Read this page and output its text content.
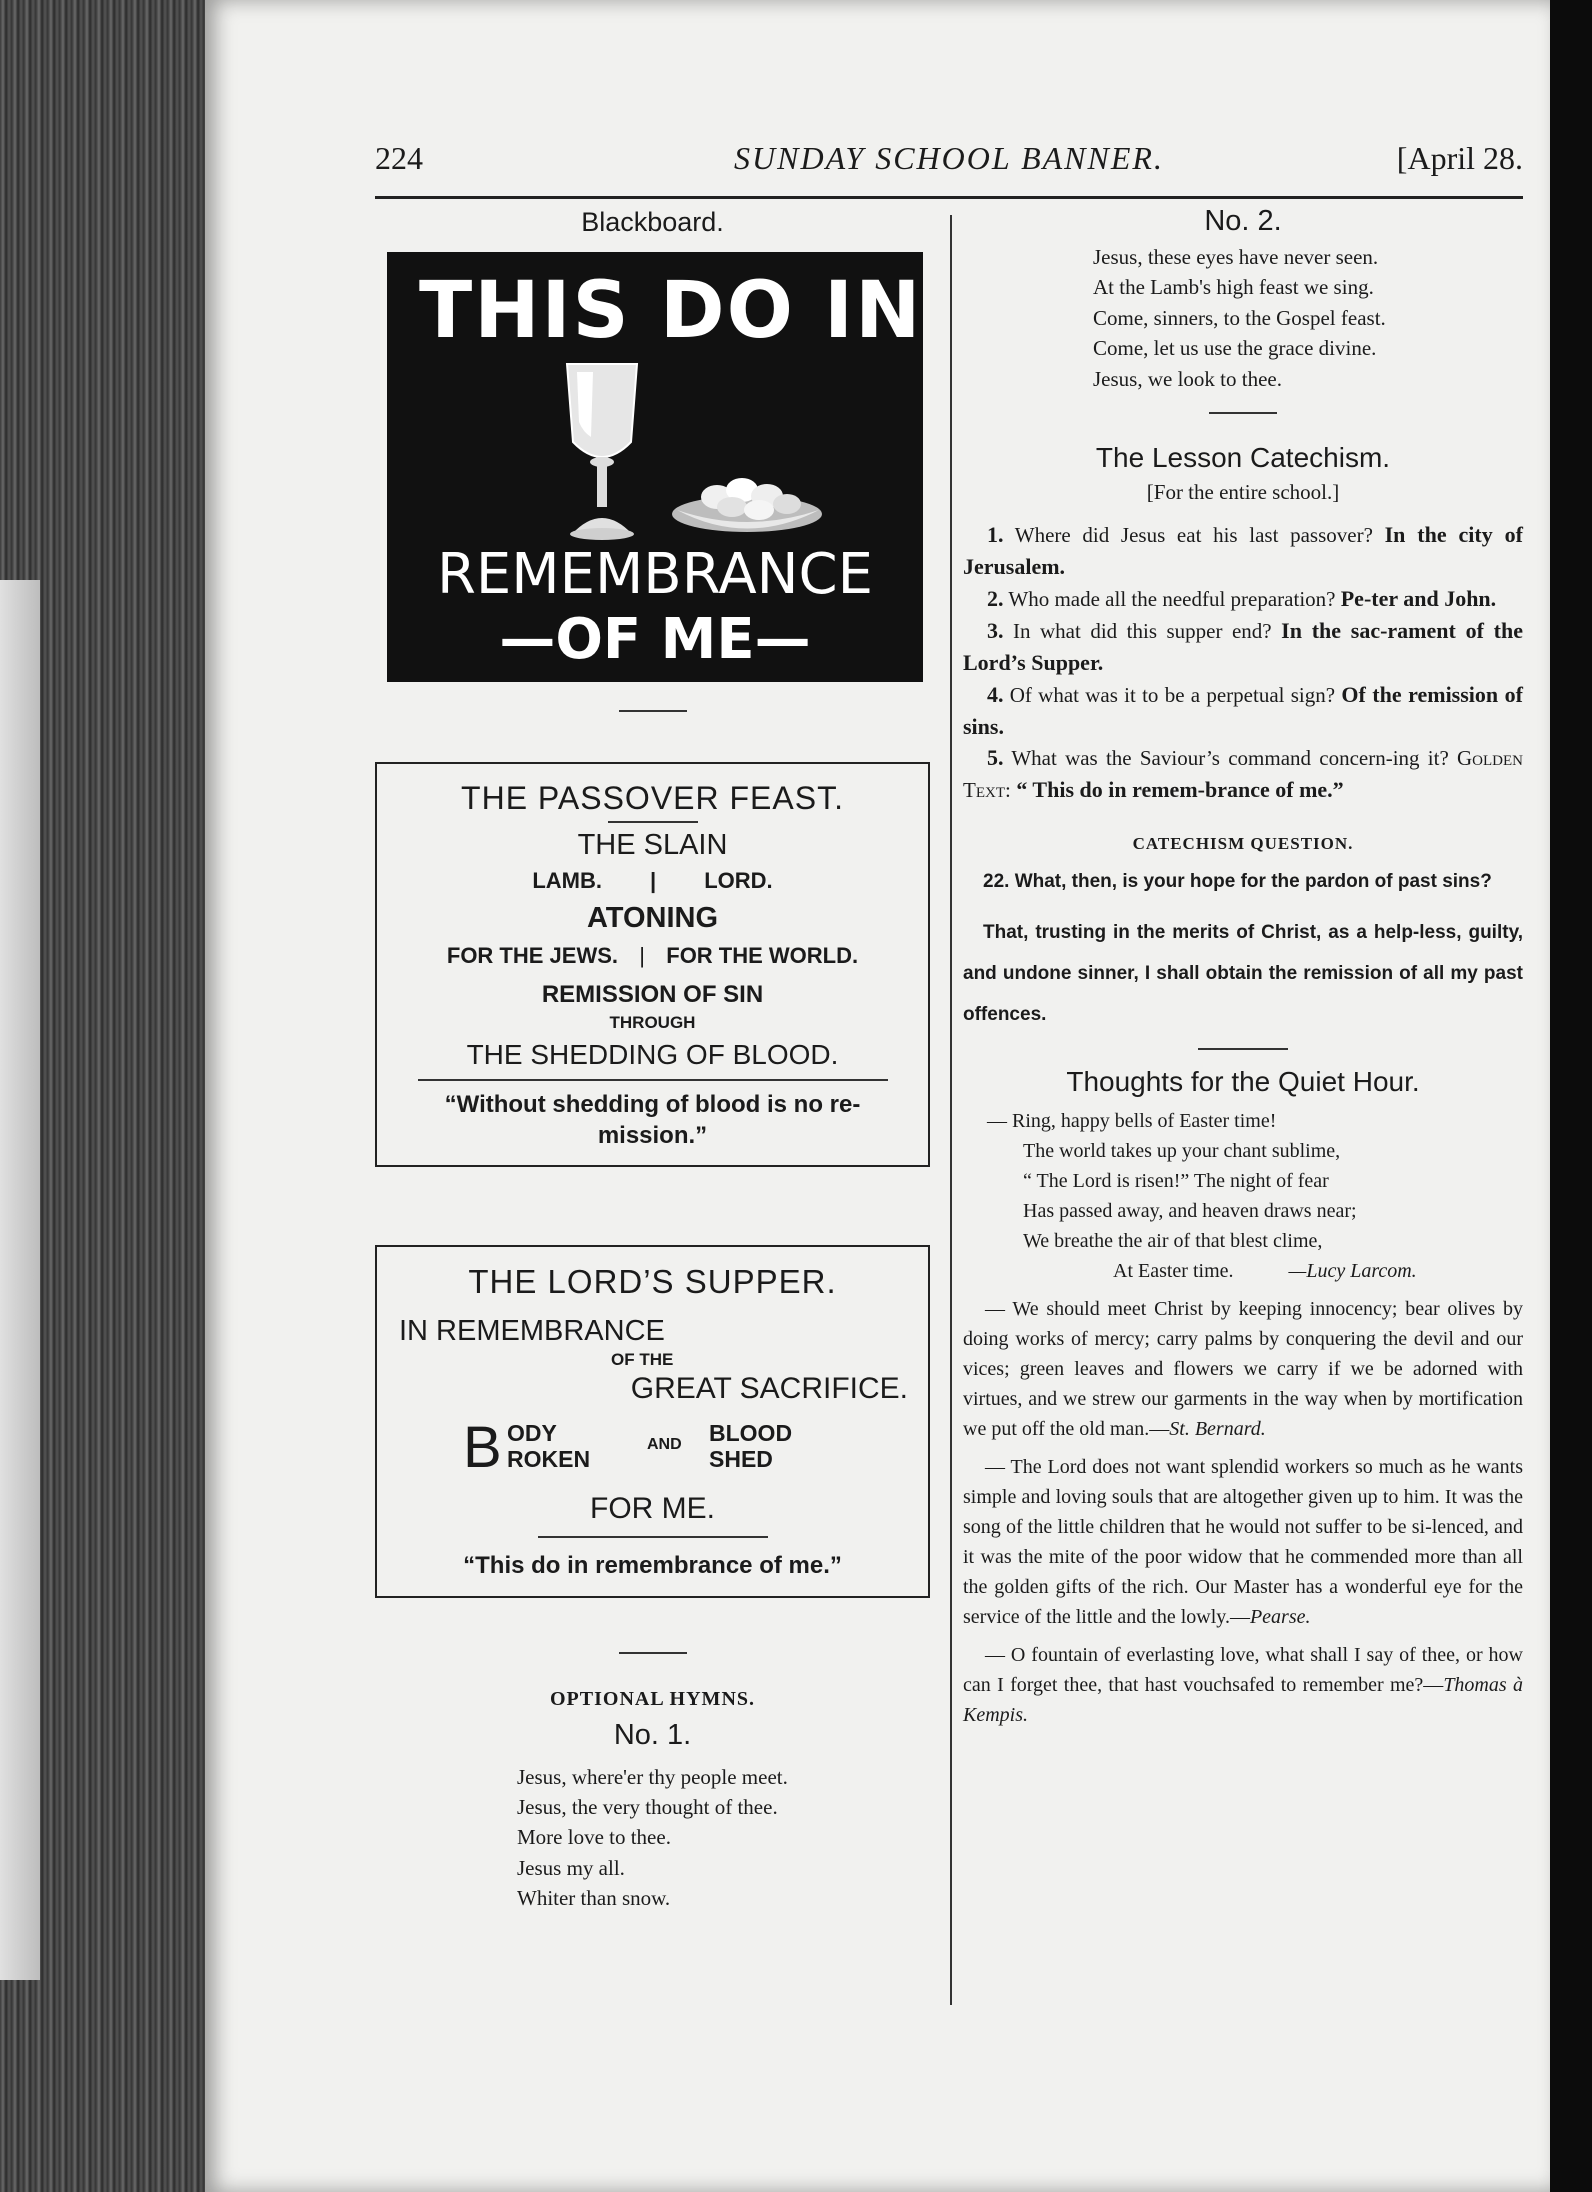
224	SUNDAY SCHOOL BANNER.	[April 28.
Blackboard.
THIS DO IN
REMEMBRANCE
—OF ME—
THE PASSOVER FEAST.
THE SLAIN
LAMB. | LORD.
ATONING
FOR THE JEWS. | FOR THE WORLD.
REMISSION OF SIN
THROUGH
THE SHEDDING OF BLOOD.
“Without shedding of blood is no re-mission.”
THE LORD’S SUPPER.
IN REMEMBRANCE
OF THE
GREAT SACRIFICE.
B ODY
ROKEN
AND BLOOD
SHED
FOR ME.
“This do in remembrance of me.”
OPTIONAL HYMNS.
No. 1.
Jesus, where'er thy people meet.
Jesus, the very thought of thee.
More love to thee.
Jesus my all.
Whiter than snow.
No. 2.
Jesus, these eyes have never seen.
At the Lamb's high feast we sing.
Come, sinners, to the Gospel feast.
Come, let us use the grace divine.
Jesus, we look to thee.
The Lesson Catechism.
[For the entire school.]

1. Where did Jesus eat his last passover? In the city of Jerusalem.

2. Who made all the needful preparation? Pe-ter and John.

3. In what did this supper end? In the sac-rament of the Lord’s Supper.

4. Of what was it to be a perpetual sign? Of the remission of sins.

5. What was the Saviour’s command concern-ing it? Golden Text: “ This do in remem-brance of me.”

CATECHISM QUESTION.

22. What, then, is your hope for the pardon of past sins?

That, trusting in the merits of Christ, as a help-less, guilty, and undone sinner, I shall obtain the remission of all my past offences.

Thoughts for the Quiet Hour.
— Ring, happy bells of Easter time!
The world takes up your chant sublime,
“ The Lord is risen!” The night of fear
Has passed away, and heaven draws near;
We breathe the air of that blest clime,
At Easter time.	—Lucy Larcom.

— We should meet Christ by keeping innocency; bear olives by doing works of mercy; carry palms by conquering the devil and our vices; green leaves and flowers we carry if we be adorned with virtues, and we strew our garments in the way when by mortification we put off the old man.—St. Bernard.

— The Lord does not want splendid workers so much as he wants simple and loving souls that are altogether given up to him. It was the song of the little children that he would not suffer to be si-lenced, and it was the mite of the poor widow that he commended more than all the golden gifts of the rich. Our Master has a wonderful eye for the service of the little and the lowly.—Pearse.

— O fountain of everlasting love, what shall I say of thee, or how can I forget thee, that hast vouchsafed to remember me?—Thomas à Kempis.
